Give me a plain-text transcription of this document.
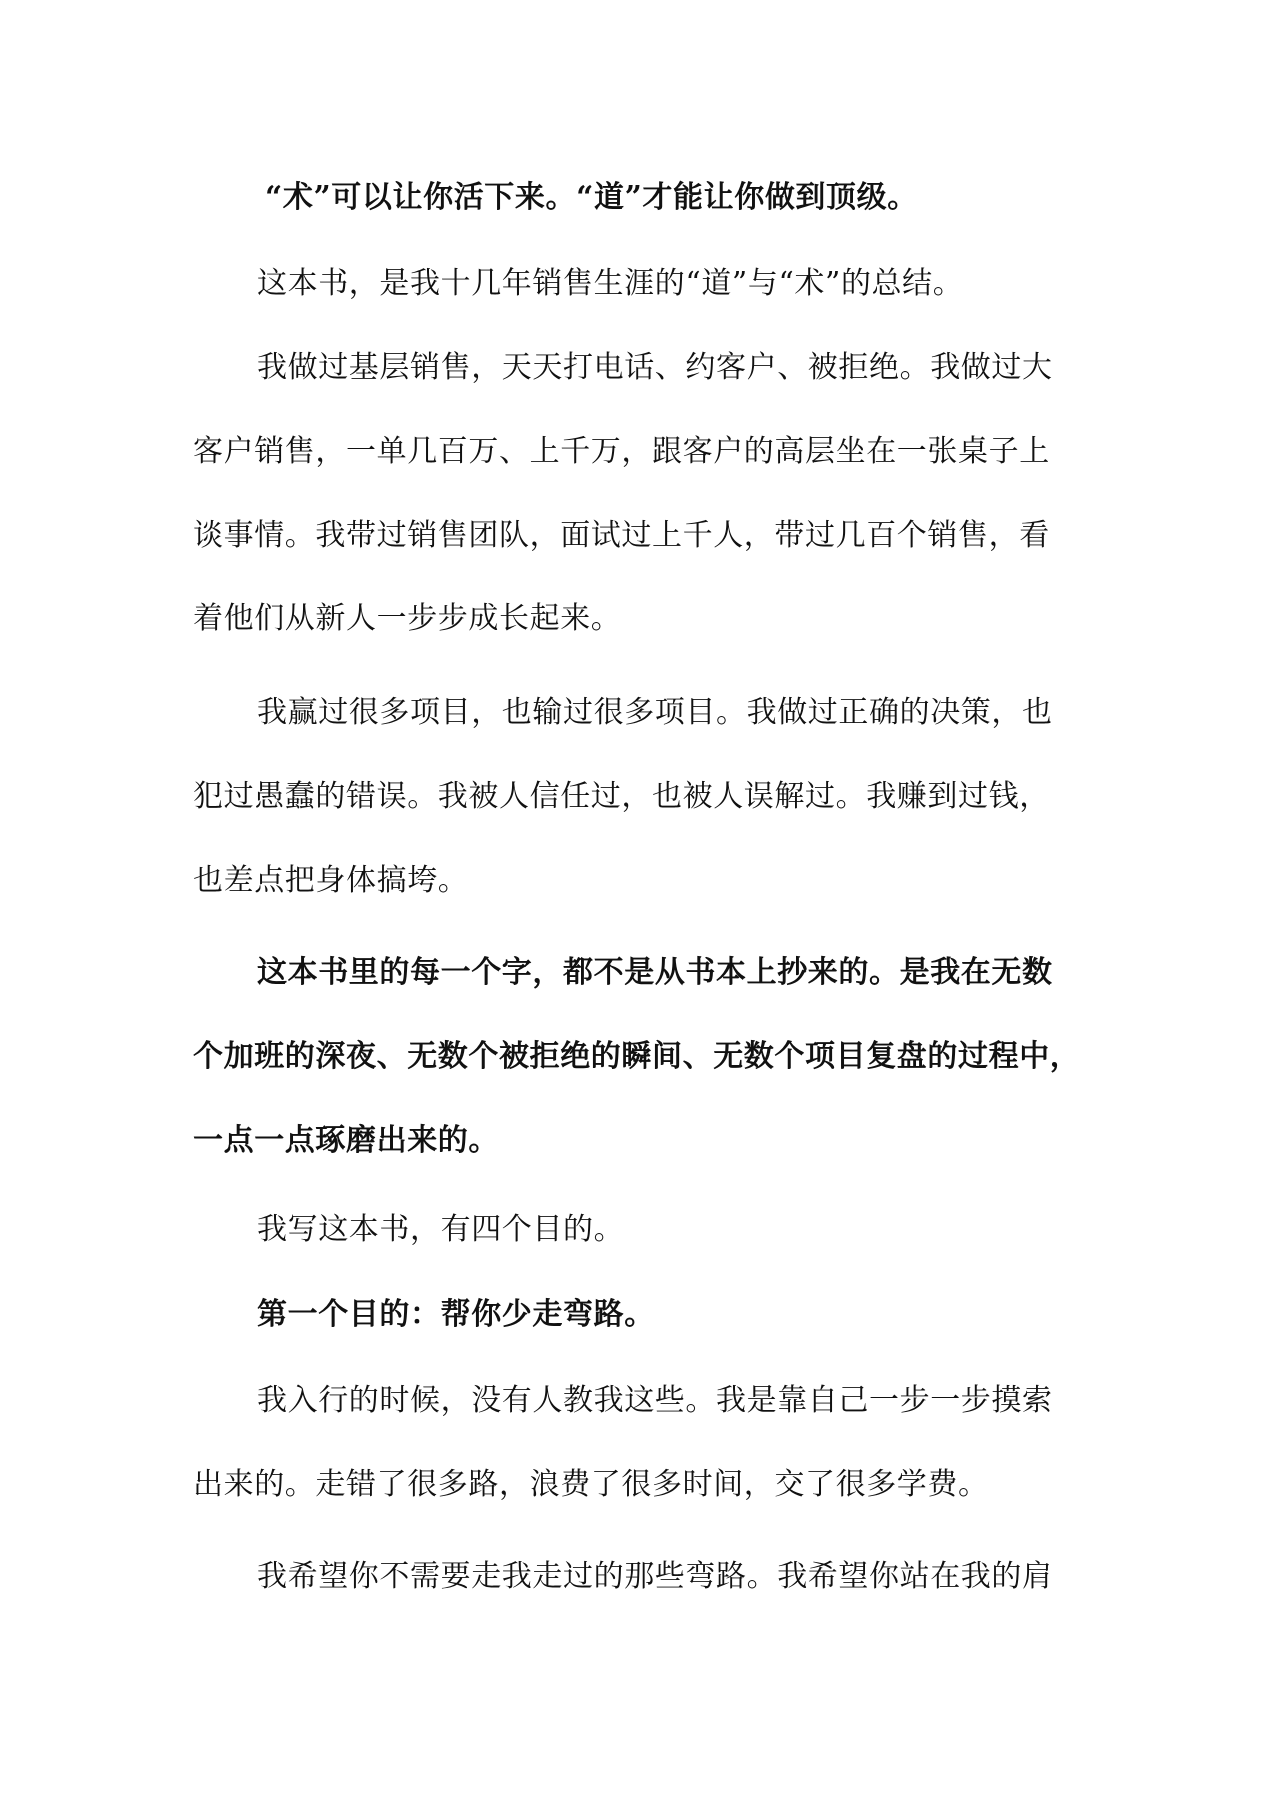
“术”可以让你活下来。“道”才能让你做到顶级。
这本书，是我十几年销售生涯的“道”与“术”的总结。
我做过基层销售，天天打电话、约客户、被拒绝。我做过大
客户销售，一单几百万、上千万，跟客户的高层坐在一张桌子上
谈事情。我带过销售团队，面试过上千人，带过几百个销售，看
着他们从新人一步步成长起来。
我赢过很多项目，也输过很多项目。我做过正确的决策，也
犯过愚蠢的错误。我被人信任过，也被人误解过。我赚到过钱，
也差点把身体搞垮。
这本书里的每一个字，都不是从书本上抄来的。是我在无数
个加班的深夜、无数个被拒绝的瞬间、无数个项目复盘的过程中，
一点一点琢磨出来的。
我写这本书，有四个目的。
第一个目的：帮你少走弯路。
我入行的时候，没有人教我这些。我是靠自己一步一步摸索
出来的。走错了很多路，浪费了很多时间，交了很多学费。
我希望你不需要走我走过的那些弯路。我希望你站在我的肩
